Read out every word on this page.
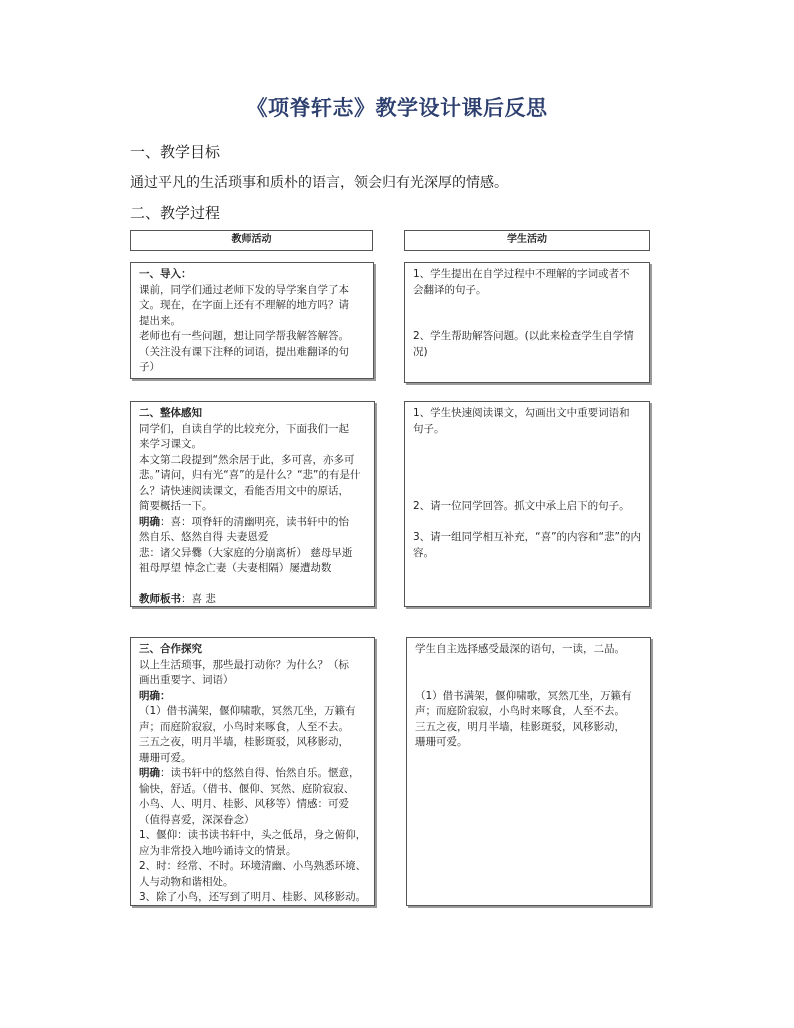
《项脊轩志》教学设计课后反思
一、教学目标
通过平凡的生活琐事和质朴的语言，领会归有光深厚的情感。
二、教学过程
教师活动	学生活动

一、导入：

课前，同学们通过老师下发的导学案自学了本

文。现在，在字面上还有不理解的地方吗？请

提出来。

老师也有一些问题，想让同学帮我解答解答。

（关注没有课下注释的词语，提出难翻译的句

子）

1、学生提出在自学过程中不理解的字词或者不

会翻译的句子。

2、学生帮助解答问题。(以此来检查学生自学情

况)

二、整体感知

同学们，自读自学的比较充分，下面我们一起

来学习课文。

本文第二段提到“然余居于此，多可喜，亦多可

悲。”请问，归有光“喜”的是什么？“悲”的有是什

么？请快速阅读课文，看能否用文中的原话，

简要概括一下。

明确：喜：项脊轩的清幽明亮，读书轩中的怡

然自乐、悠然自得 夫妻恩爱

悲：诸父异爨（大家庭的分崩离析） 慈母早逝

祖母厚望 悼念亡妻（夫妻相隔）屡遭劫数

教师板书：喜 悲

1、学生快速阅读课文，勾画出文中重要词语和

句子。

2、请一位同学回答。抓文中承上启下的句子。

3、请一组同学相互补充，“喜”的内容和“悲”的内

容。

三、合作探究

以上生活琐事，那些最打动你？为什么？（标

画出重要字、词语）

明确：

（1）借书满架，偃仰啸歌，冥然兀坐，万籁有

声；而庭阶寂寂，小鸟时来啄食，人至不去。

三五之夜，明月半墙，桂影斑驳，风移影动，

珊珊可爱。

明确：读书轩中的悠然自得、怡然自乐。惬意，

愉快，舒适。（借书、偃仰、冥然、庭阶寂寂、

小鸟、人、明月、桂影、风移等）情感：可爱

（值得喜爱，深深眷念）

1、偃仰：读书读书轩中，头之低昂，身之俯仰，

应为非常投入地吟诵诗文的情景。

2、时：经常、不时。环境清幽、小鸟熟悉环境、

人与动物和谐相处。

3、除了小鸟，还写到了明月、桂影、风移影动。

学生自主选择感受最深的语句，一读，二品。

（1）借书满架，偃仰啸歌，冥然兀坐，万籁有

声；而庭阶寂寂，小鸟时来啄食，人至不去。

三五之夜，明月半墙，桂影斑驳，风移影动，

珊珊可爱。
